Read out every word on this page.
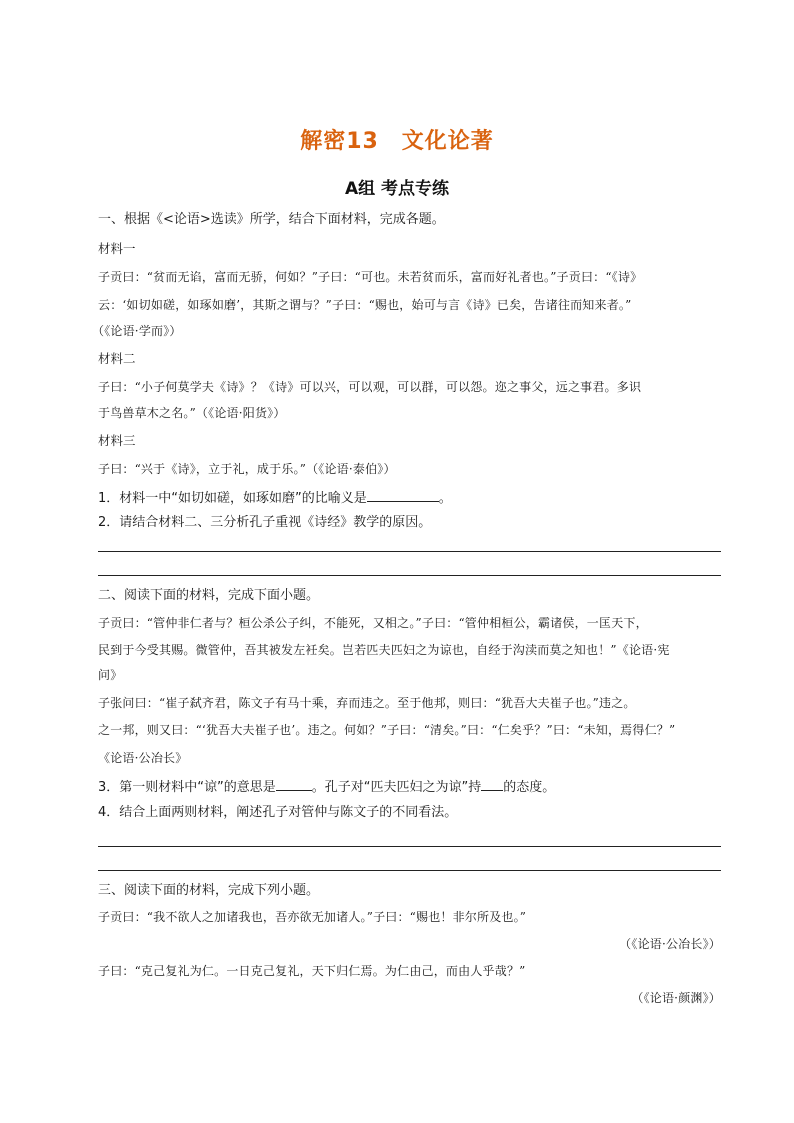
解密13　文化论著
A组 考点专练
一、根据《<论语>选读》所学，结合下面材料，完成各题。
材料一
子贡曰：“贫而无谄，富而无骄，何如？”子曰：“可也。未若贫而乐，富而好礼者也。”子贡曰：“《诗》
云：‘如切如磋，如琢如磨’，其斯之谓与？”子曰：“赐也，始可与言《诗》已矣，告诸往而知来者。”
（《论语·学而》）
材料二
子曰：“小子何莫学夫《诗》？《诗》可以兴，可以观，可以群，可以怨。迩之事父，远之事君。多识
于鸟兽草木之名。”（《论语·阳货》）
材料三
子曰：“兴于《诗》，立于礼，成于乐。”（《论语·泰伯》）
1．材料一中“如切如磋，如琢如磨”的比喻义是	。
2．请结合材料二、三分析孔子重视《诗经》教学的原因。
二、阅读下面的材料，完成下面小题。
子贡曰：“管仲非仁者与？桓公杀公子纠，不能死，又相之。”子曰：“管仲相桓公，霸诸侯，一匡天下，
民到于今受其赐。微管仲，吾其被发左衽矣。岂若匹夫匹妇之为谅也，自经于沟渎而莫之知也！”《论语·宪
问》
子张问曰：“崔子弑齐君，陈文子有马十乘，弃而违之。至于他邦，则曰：“犹吾大夫崔子也。”违之。
之一邦，则又曰：“‘犹吾大夫崔子也’。违之。何如？”子曰：“清矣。”曰：“仁矣乎？”曰：“未知，焉得仁？”
《论语·公冶长》
3．第一则材料中“谅”的意思是	。孔子对“匹夫匹妇之为谅”持 的态度。
4．结合上面两则材料，阐述孔子对管仲与陈文子的不同看法。
三、阅读下面的材料，完成下列小题。
子贡曰：“我不欲人之加诸我也，吾亦欲无加诸人。”子曰：“赐也！非尔所及也。”
（《论语·公冶长》）
子曰：“克己复礼为仁。一日克己复礼，天下归仁焉。为仁由己，而由人乎哉？”
（《论语·颜渊》）
